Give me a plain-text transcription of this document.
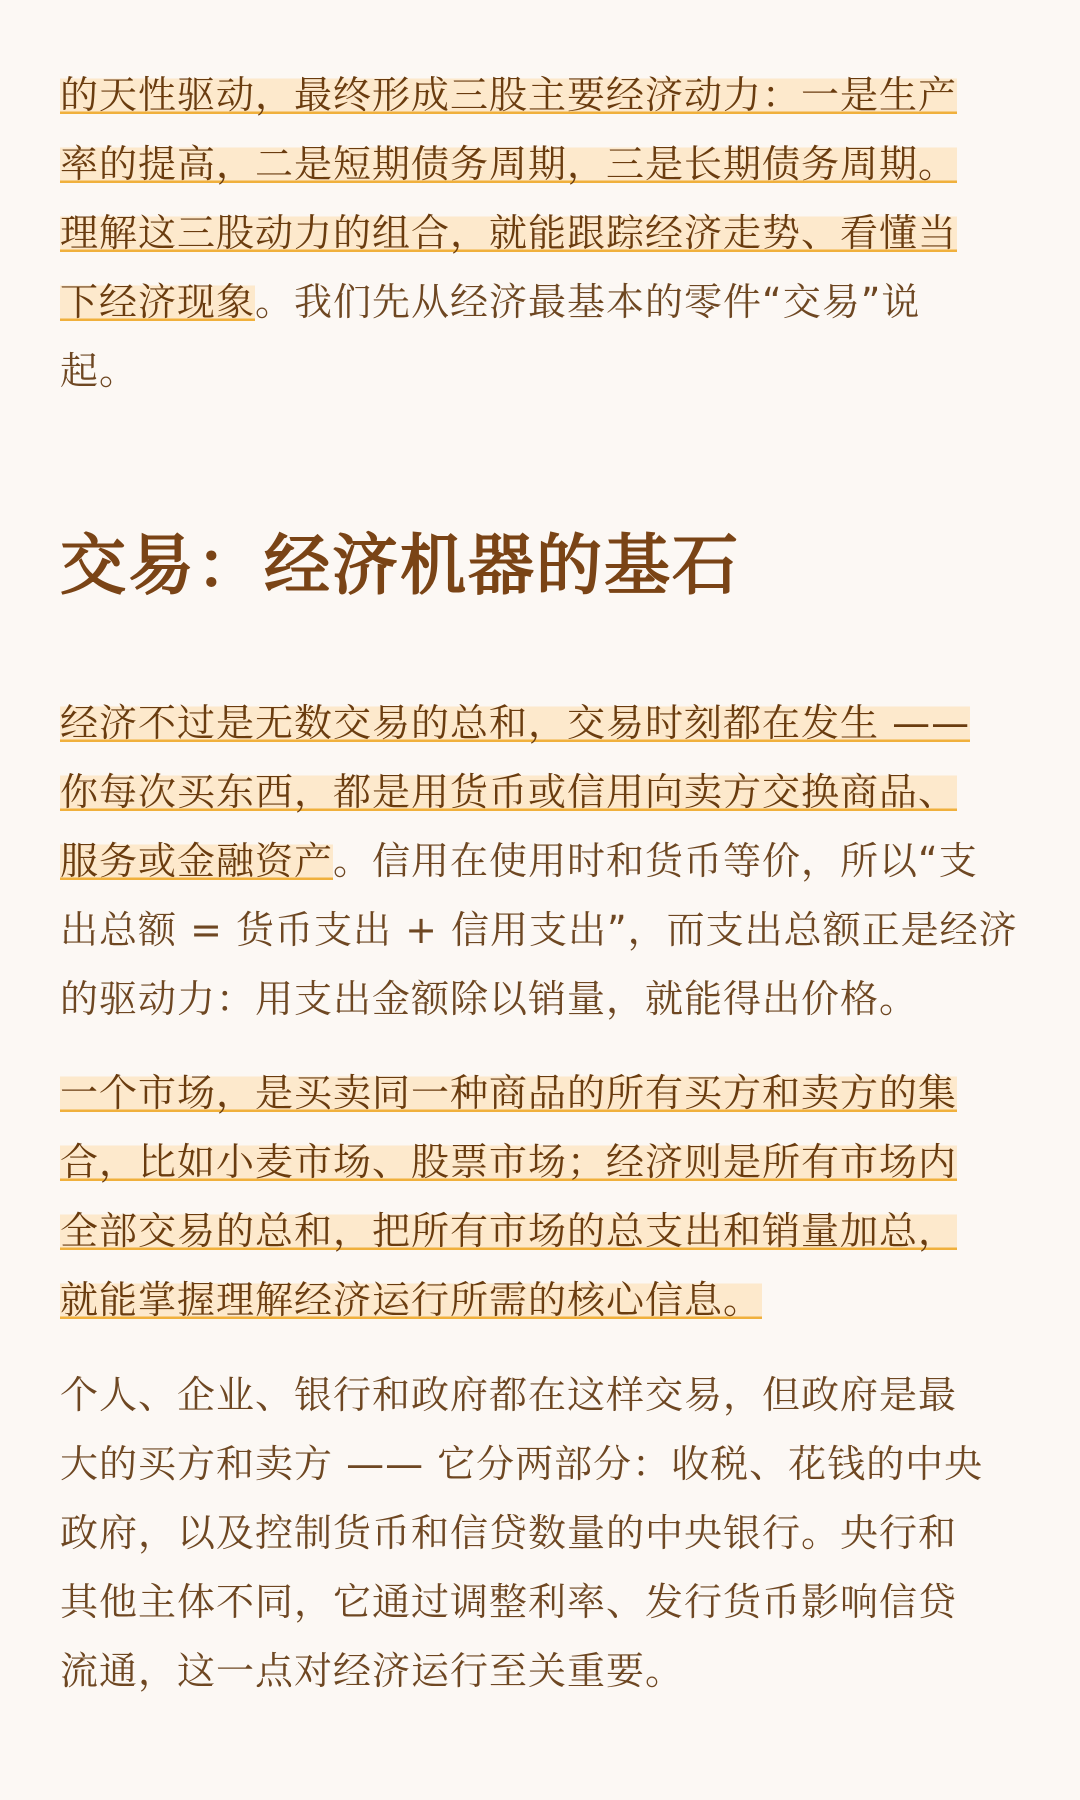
的天性驱动，最终形成三股主要经济动力：一是生产
率的提高，二是短期债务周期，三是长期债务周期。
理解这三股动力的组合，就能跟踪经济走势、看懂当
下经济现象。我们先从经济最基本的零件“交易”说
起。

交易：经济机器的基石

经济不过是无数交易的总和，交易时刻都在发生 ——
你每次买东西，都是用货币或信用向卖方交换商品、
服务或金融资产。信用在使用时和货币等价，所以“支
出总额 = 货币支出 + 信用支出”，而支出总额正是经济
的驱动力：用支出金额除以销量，就能得出价格。

一个市场，是买卖同一种商品的所有买方和卖方的集
合，比如小麦市场、股票市场；经济则是所有市场内
全部交易的总和，把所有市场的总支出和销量加总，
就能掌握理解经济运行所需的核心信息。

个人、企业、银行和政府都在这样交易，但政府是最
大的买方和卖方 —— 它分两部分：收税、花钱的中央
政府，以及控制货币和信贷数量的中央银行。央行和
其他主体不同，它通过调整利率、发行货币影响信贷
流通，这一点对经济运行至关重要。
